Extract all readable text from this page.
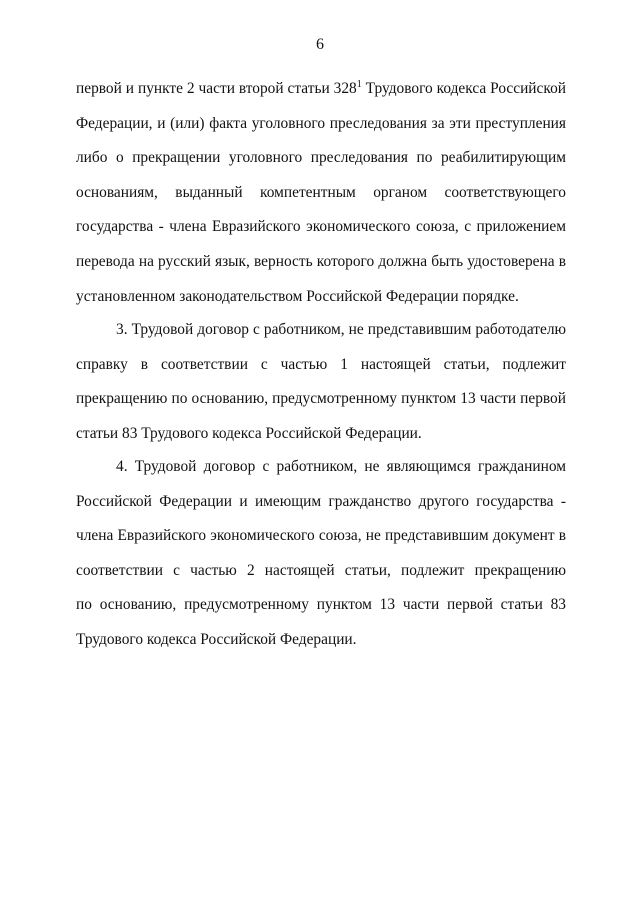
6
первой и пункте 2 части второй статьи $328^1$ Трудового кодекса Российской
Федерации, и (или) факта уголовного преследования за эти преступления
либо о прекращении уголовного преследования по реабилитирующим
основаниям, выданный компетентным органом соответствующего
государства - члена Евразийского экономического союза, с приложением
перевода на русский язык, верность которого должна быть удостоверена в
установленном законодательством Российской Федерации порядке.
3. Трудовой договор с работником, не представившим работодателю
справку в соответствии с частью 1 настоящей статьи, подлежит
прекращению по основанию, предусмотренному пунктом 13 части первой
статьи 83 Трудового кодекса Российской Федерации.
4. Трудовой договор с работником, не являющимся гражданином
Российской Федерации и имеющим гражданство другого государства -
члена Евразийского экономического союза, не представившим документ в
соответствии с частью 2 настоящей статьи, подлежит прекращению
по основанию, предусмотренному пунктом 13 части первой статьи 83
Трудового кодекса Российской Федерации.
